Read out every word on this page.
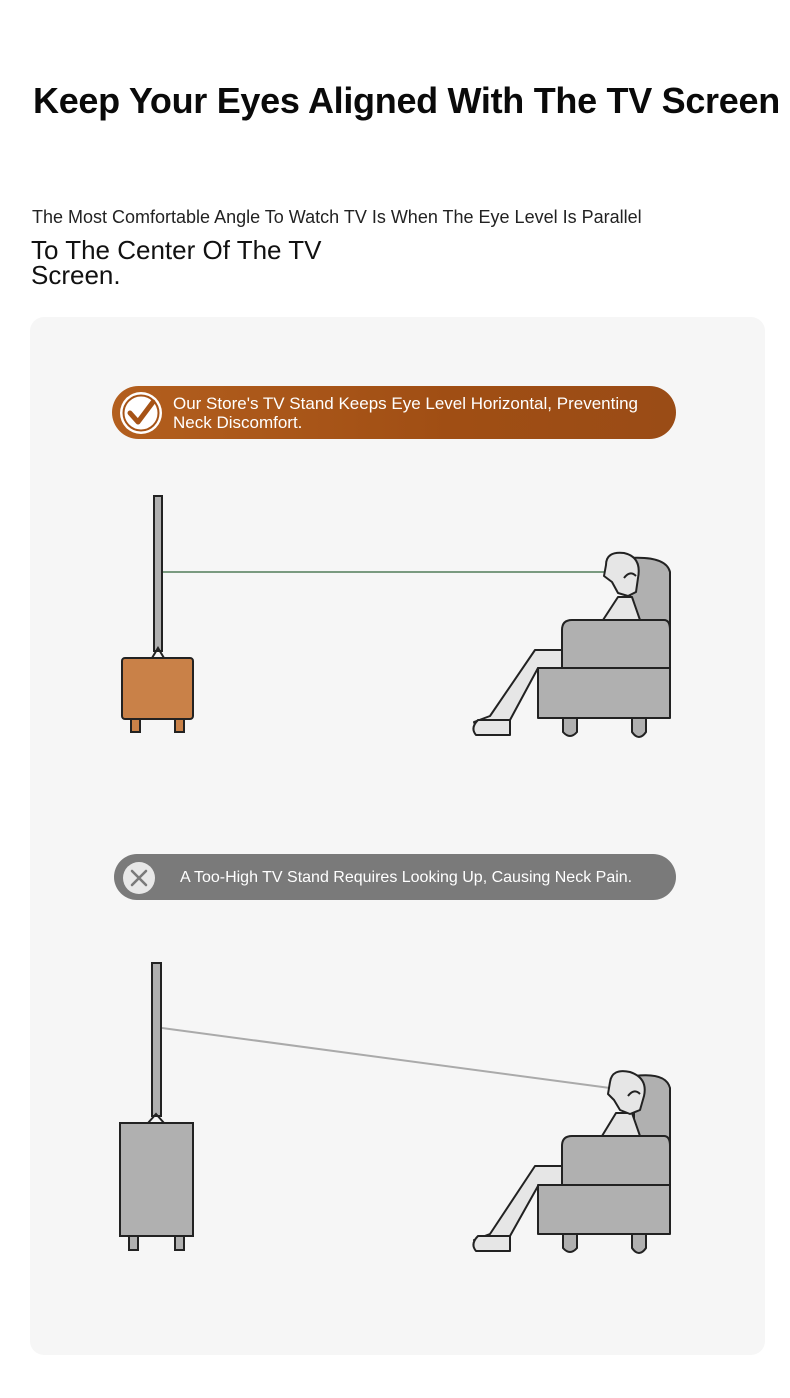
Keep Your Eyes Aligned With The TV Screen
The Most Comfortable Angle To Watch TV Is When The Eye Level Is Parallel
To The Center Of The TV Screen.
Our Store's TV Stand Keeps Eye Level Horizontal, Preventing Neck Discomfort.
A Too-High TV Stand Requires Looking Up, Causing Neck Pain.
